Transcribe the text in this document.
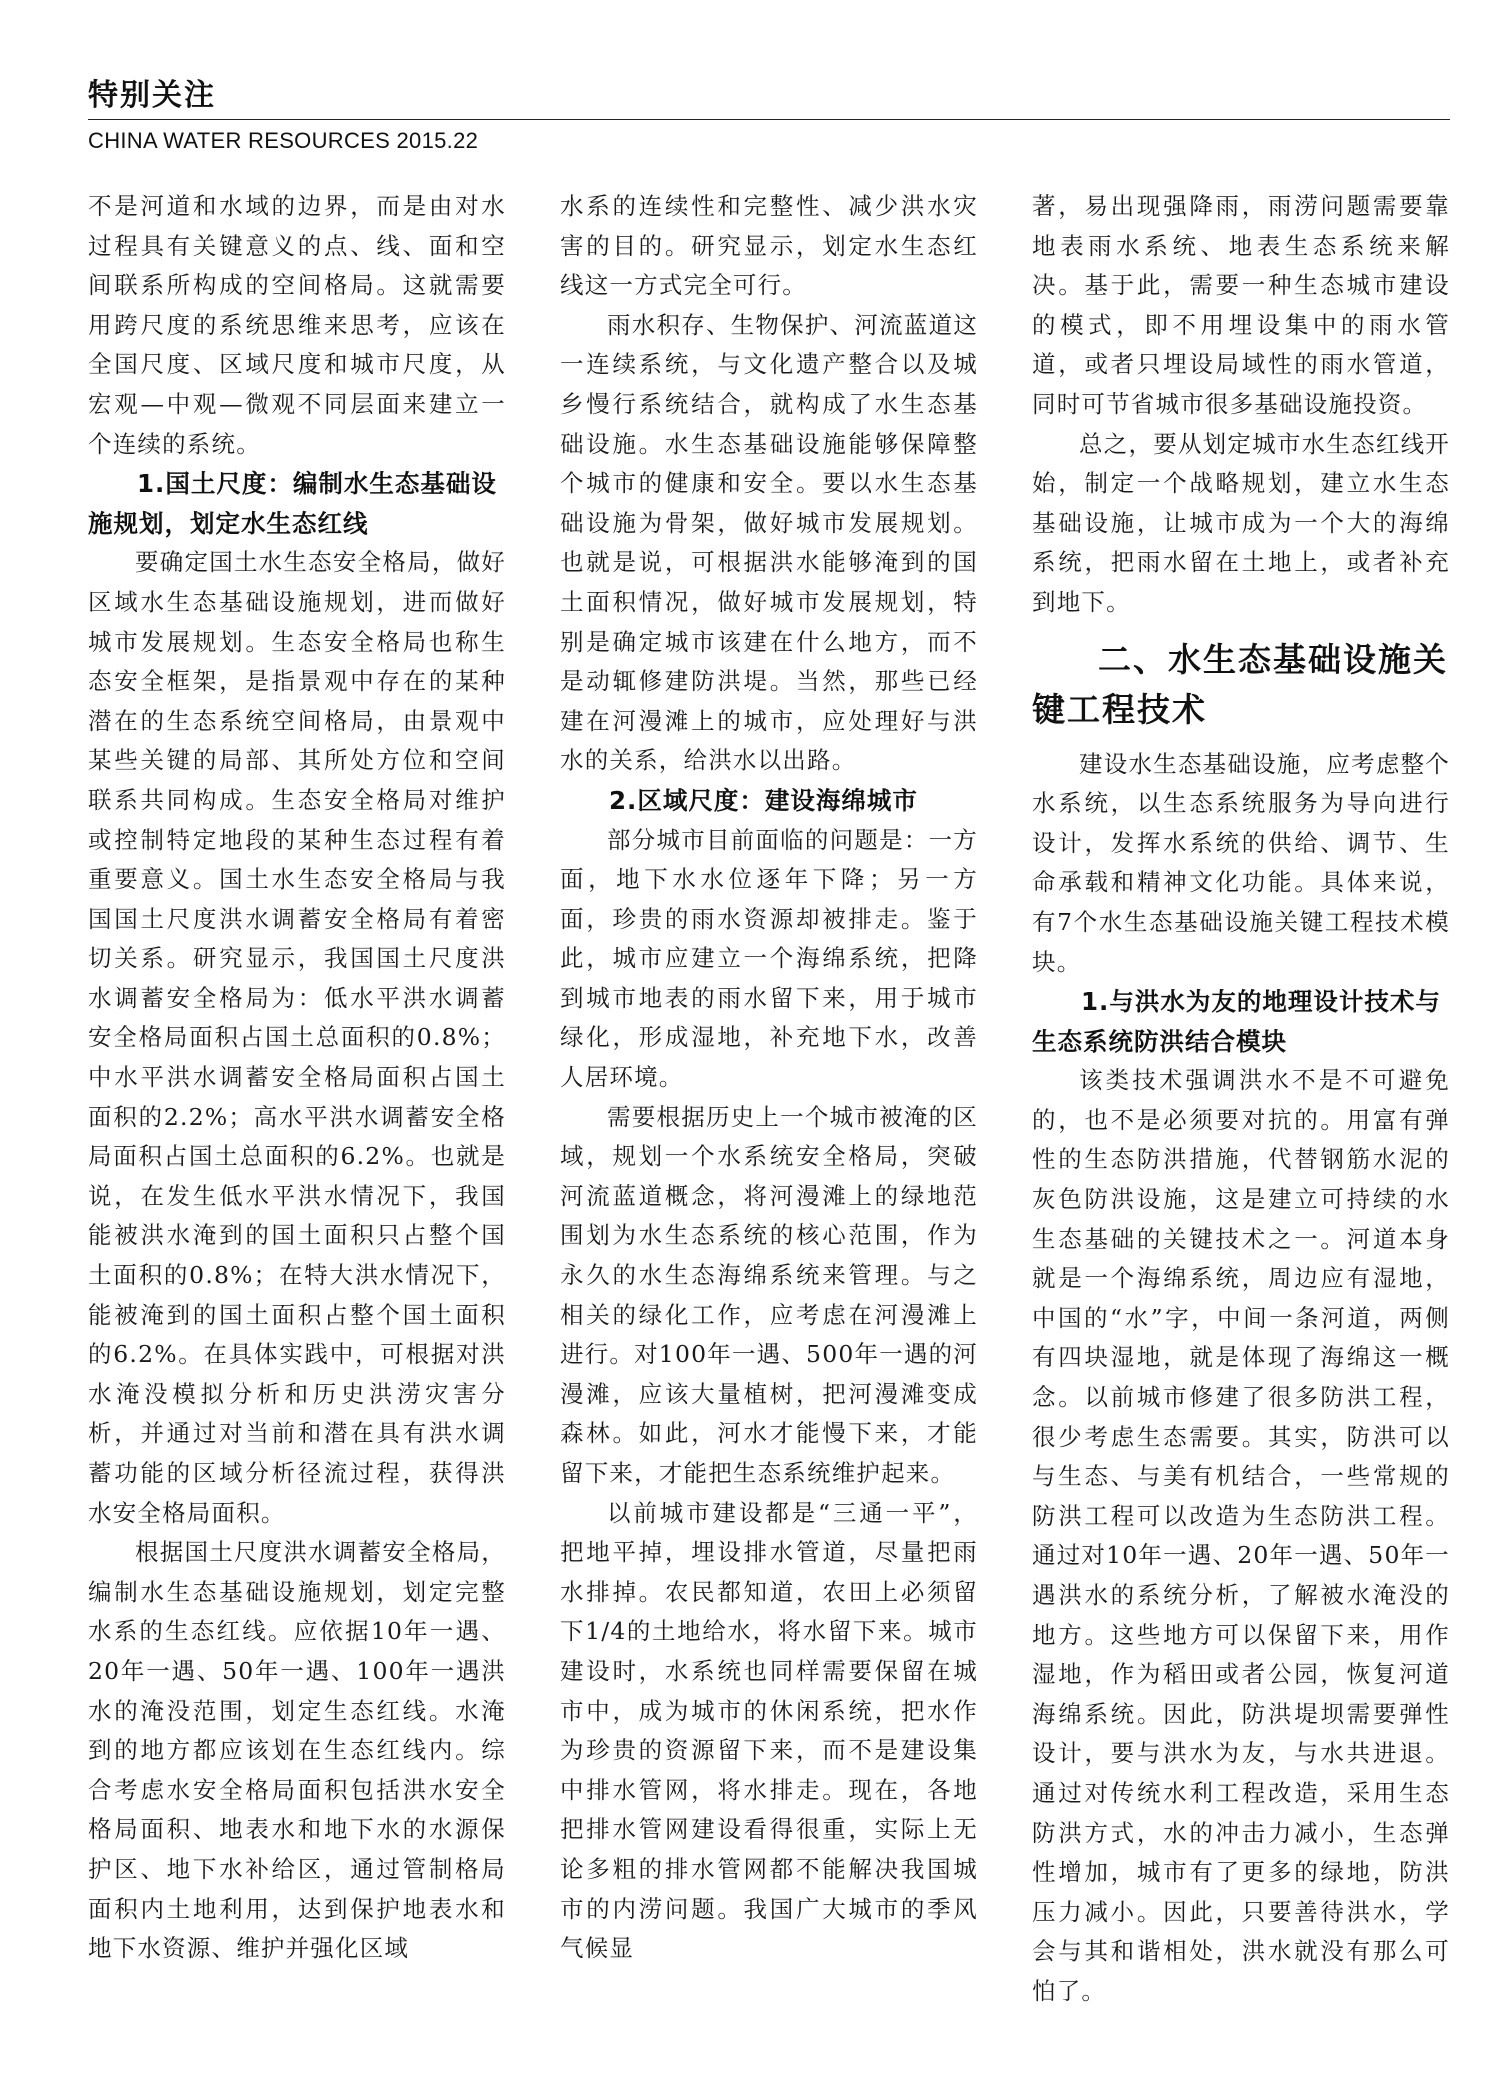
特别关注
CHINA WATER RESOURCES 2015.22

不是河道和水域的边界，而是由对水过程具有关键意义的点、线、面和空间联系所构成的空间格局。这就需要用跨尺度的系统思维来思考，应该在全国尺度、区域尺度和城市尺度，从宏观—中观—微观不同层面来建立一个连续的系统。

1.国土尺度：编制水生态基础设施规划，划定水生态红线

要确定国土水生态安全格局，做好区域水生态基础设施规划，进而做好城市发展规划。生态安全格局也称生态安全框架，是指景观中存在的某种潜在的生态系统空间格局，由景观中某些关键的局部、其所处方位和空间联系共同构成。生态安全格局对维护或控制特定地段的某种生态过程有着重要意义。国土水生态安全格局与我国国土尺度洪水调蓄安全格局有着密切关系。研究显示，我国国土尺度洪水调蓄安全格局为：低水平洪水调蓄安全格局面积占国土总面积的0.8%；中水平洪水调蓄安全格局面积占国土面积的2.2%；高水平洪水调蓄安全格局面积占国土总面积的6.2%。也就是说，在发生低水平洪水情况下，我国能被洪水淹到的国土面积只占整个国土面积的0.8%；在特大洪水情况下，能被淹到的国土面积占整个国土面积的6.2%。在具体实践中，可根据对洪水淹没模拟分析和历史洪涝灾害分析，并通过对当前和潜在具有洪水调蓄功能的区域分析径流过程，获得洪水安全格局面积。

根据国土尺度洪水调蓄安全格局，编制水生态基础设施规划，划定完整水系的生态红线。应依据10年一遇、20年一遇、50年一遇、100年一遇洪水的淹没范围，划定生态红线。水淹到的地方都应该划在生态红线内。综合考虑水安全格局面积包括洪水安全格局面积、地表水和地下水的水源保护区、地下水补给区，通过管制格局面积内土地利用，达到保护地表水和地下水资源、维护并强化区域

水系的连续性和完整性、减少洪水灾害的目的。研究显示，划定水生态红线这一方式完全可行。

雨水积存、生物保护、河流蓝道这一连续系统，与文化遗产整合以及城乡慢行系统结合，就构成了水生态基础设施。水生态基础设施能够保障整个城市的健康和安全。要以水生态基础设施为骨架，做好城市发展规划。也就是说，可根据洪水能够淹到的国土面积情况，做好城市发展规划，特别是确定城市该建在什么地方，而不是动辄修建防洪堤。当然，那些已经建在河漫滩上的城市，应处理好与洪水的关系，给洪水以出路。

2.区域尺度：建设海绵城市

部分城市目前面临的问题是：一方面，地下水水位逐年下降；另一方面，珍贵的雨水资源却被排走。鉴于此，城市应建立一个海绵系统，把降到城市地表的雨水留下来，用于城市绿化，形成湿地，补充地下水，改善人居环境。

需要根据历史上一个城市被淹的区域，规划一个水系统安全格局，突破河流蓝道概念，将河漫滩上的绿地范围划为水生态系统的核心范围，作为永久的水生态海绵系统来管理。与之相关的绿化工作，应考虑在河漫滩上进行。对100年一遇、500年一遇的河漫滩，应该大量植树，把河漫滩变成森林。如此，河水才能慢下来，才能留下来，才能把生态系统维护起来。

以前城市建设都是“三通一平”，把地平掉，埋设排水管道，尽量把雨水排掉。农民都知道，农田上必须留下1/4的土地给水，将水留下来。城市建设时，水系统也同样需要保留在城市中，成为城市的休闲系统，把水作为珍贵的资源留下来，而不是建设集中排水管网，将水排走。现在，各地把排水管网建设看得很重，实际上无论多粗的排水管网都不能解决我国城市的内涝问题。我国广大城市的季风气候显

著，易出现强降雨，雨涝问题需要靠地表雨水系统、地表生态系统来解决。基于此，需要一种生态城市建设的模式，即不用埋设集中的雨水管道，或者只埋设局域性的雨水管道，同时可节省城市很多基础设施投资。

总之，要从划定城市水生态红线开始，制定一个战略规划，建立水生态基础设施，让城市成为一个大的海绵系统，把雨水留在土地上，或者补充到地下。

二、水生态基础设施关键工程技术

建设水生态基础设施，应考虑整个水系统，以生态系统服务为导向进行设计，发挥水系统的供给、调节、生命承载和精神文化功能。具体来说，有7个水生态基础设施关键工程技术模块。

1.与洪水为友的地理设计技术与生态系统防洪结合模块

该类技术强调洪水不是不可避免的，也不是必须要对抗的。用富有弹性的生态防洪措施，代替钢筋水泥的灰色防洪设施，这是建立可持续的水生态基础的关键技术之一。河道本身就是一个海绵系统，周边应有湿地，中国的“水”字，中间一条河道，两侧有四块湿地，就是体现了海绵这一概念。以前城市修建了很多防洪工程，很少考虑生态需要。其实，防洪可以与生态、与美有机结合，一些常规的防洪工程可以改造为生态防洪工程。通过对10年一遇、20年一遇、50年一遇洪水的系统分析，了解被水淹没的地方。这些地方可以保留下来，用作湿地，作为稻田或者公园，恢复河道海绵系统。因此，防洪堤坝需要弹性设计，要与洪水为友，与水共进退。通过对传统水利工程改造，采用生态防洪方式，水的冲击力减小，生态弹性增加，城市有了更多的绿地，防洪压力减小。因此，只要善待洪水，学会与其和谐相处，洪水就没有那么可怕了。
